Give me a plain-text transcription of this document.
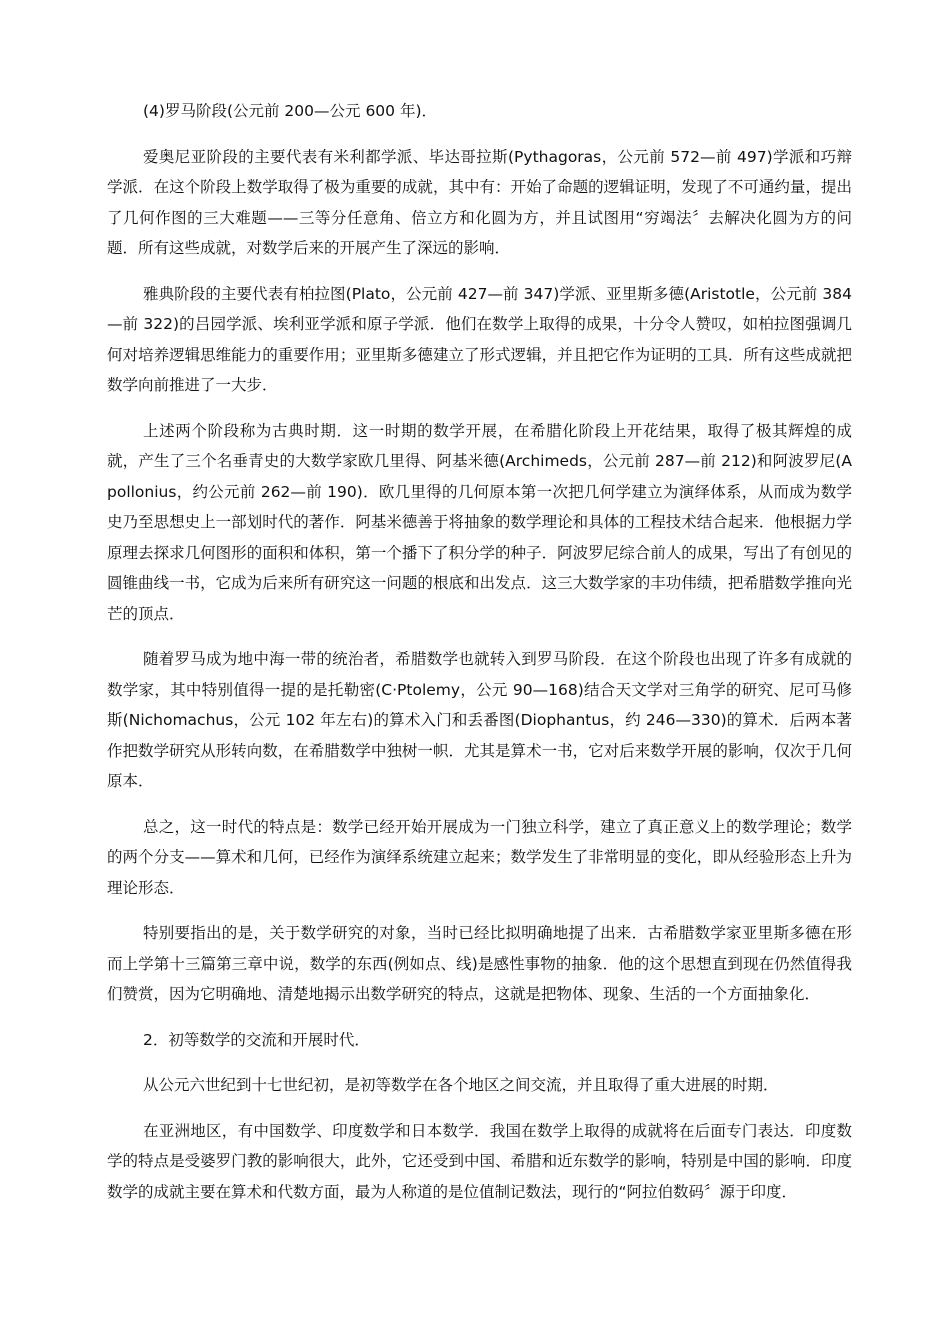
(4)罗马阶段(公元前 200—公元 600 年)．

爱奥尼亚阶段的主要代表有米利都学派、毕达哥拉斯(Pythagoras，公元前 572—前 497)学派和巧辩学派．在这个阶段上数学取得了极为重要的成就，其中有：开始了命题的逻辑证明，发现了不可通约量，提出了几何作图的三大难题——三等分任意角、倍立方和化圆为方，并且试图用“穷竭法〞去解决化圆为方的问题．所有这些成就，对数学后来的开展产生了深远的影响．

雅典阶段的主要代表有柏拉图(Plato，公元前 427—前 347)学派、亚里斯多德(Aristotle，公元前 384—前 322)的吕园学派、埃利亚学派和原子学派．他们在数学上取得的成果，十分令人赞叹，如柏拉图强调几何对培养逻辑思维能力的重要作用；亚里斯多德建立了形式逻辑，并且把它作为证明的工具．所有这些成就把数学向前推进了一大步．

上述两个阶段称为古典时期．这一时期的数学开展，在希腊化阶段上开花结果，取得了极其辉煌的成就，产生了三个名垂青史的大数学家欧几里得、阿基米德(Archimeds，公元前 287—前 212)和阿波罗尼(Apollonius，约公元前 262—前 190)．欧几里得的几何原本第一次把几何学建立为演绎体系，从而成为数学史乃至思想史上一部划时代的著作．阿基米德善于将抽象的数学理论和具体的工程技术结合起来．他根据力学原理去探求几何图形的面积和体积，第一个播下了积分学的种子．阿波罗尼综合前人的成果，写出了有创见的圆锥曲线一书，它成为后来所有研究这一问题的根底和出发点．这三大数学家的丰功伟绩，把希腊数学推向光芒的顶点．

随着罗马成为地中海一带的统治者，希腊数学也就转入到罗马阶段．在这个阶段也出现了许多有成就的数学家，其中特别值得一提的是托勒密(C·Ptolemy，公元 90—168)结合天文学对三角学的研究、尼可马修斯(Nichomachus，公元 102 年左右)的算术入门和丢番图(Diophantus，约 246—330)的算术．后两本著作把数学研究从形转向数，在希腊数学中独树一帜．尤其是算术一书，它对后来数学开展的影响，仅次于几何原本．

总之，这一时代的特点是：数学已经开始开展成为一门独立科学，建立了真正意义上的数学理论；数学的两个分支——算术和几何，已经作为演绎系统建立起来；数学发生了非常明显的变化，即从经验形态上升为理论形态．

特别要指出的是，关于数学研究的对象，当时已经比拟明确地提了出来．古希腊数学家亚里斯多德在形而上学第十三篇第三章中说，数学的东西(例如点、线)是感性事物的抽象．他的这个思想直到现在仍然值得我们赞赏，因为它明确地、清楚地揭示出数学研究的特点，这就是把物体、现象、生活的一个方面抽象化．

2．初等数学的交流和开展时代．

从公元六世纪到十七世纪初，是初等数学在各个地区之间交流，并且取得了重大进展的时期．

在亚洲地区，有中国数学、印度数学和日本数学．我国在数学上取得的成就将在后面专门表达．印度数学的特点是受婆罗门教的影响很大，此外，它还受到中国、希腊和近东数学的影响，特别是中国的影响．印度数学的成就主要在算术和代数方面，最为人称道的是位值制记数法，现行的“阿拉伯数码〞源于印度．
